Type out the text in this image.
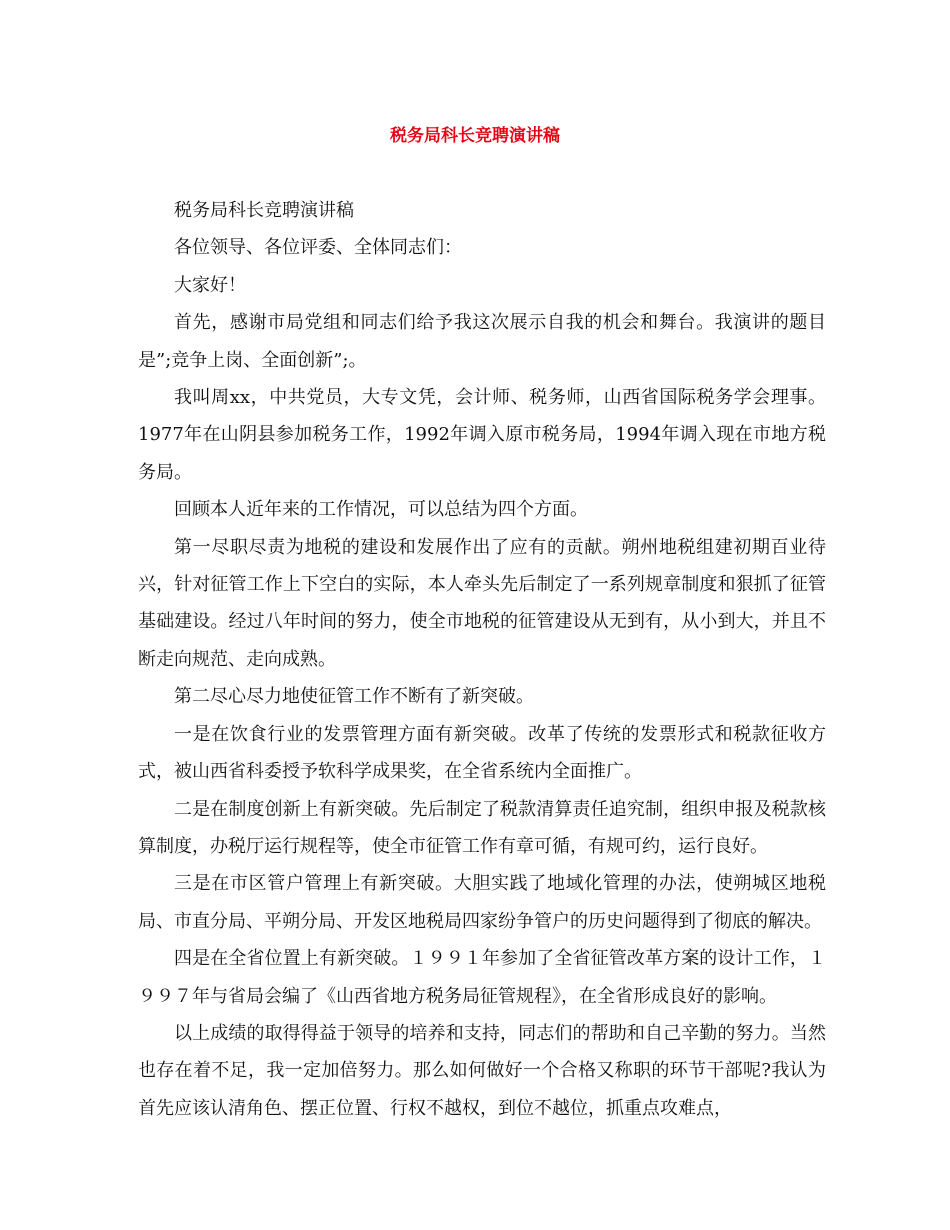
税务局科长竞聘演讲稿

税务局科长竞聘演讲稿

各位领导、各位评委、全体同志们：

大家好！

首先，感谢市局党组和同志们给予我这次展示自我的机会和舞台。我演讲的题目是”;竞争上岗、全面创新”;。

我叫周xx，中共党员，大专文凭，会计师、税务师，山西省国际税务学会理事。1977年在山阴县参加税务工作，1992年调入原市税务局，1994年调入现在市地方税务局。

回顾本人近年来的工作情况，可以总结为四个方面。

第一尽职尽责为地税的建设和发展作出了应有的贡献。朔州地税组建初期百业待兴，针对征管工作上下空白的实际，本人牵头先后制定了一系列规章制度和狠抓了征管基础建设。经过八年时间的努力，使全市地税的征管建设从无到有，从小到大，并且不断走向规范、走向成熟。

第二尽心尽力地使征管工作不断有了新突破。

一是在饮食行业的发票管理方面有新突破。改革了传统的发票形式和税款征收方式，被山西省科委授予软科学成果奖，在全省系统内全面推广。

二是在制度创新上有新突破。先后制定了税款清算责任追究制，组织申报及税款核算制度，办税厅运行规程等，使全市征管工作有章可循，有规可约，运行良好。

三是在市区管户管理上有新突破。大胆实践了地域化管理的办法，使朔城区地税局、市直分局、平朔分局、开发区地税局四家纷争管户的历史问题得到了彻底的解决。

四是在全省位置上有新突破。１９９１年参加了全省征管改革方案的设计工作，１９９７年与省局会编了《山西省地方税务局征管规程》，在全省形成良好的影响。

以上成绩的取得得益于领导的培养和支持，同志们的帮助和自己辛勤的努力。当然也存在着不足，我一定加倍努力。那么如何做好一个合格又称职的环节干部呢?我认为首先应该认清角色、摆正位置、行权不越权，到位不越位，抓重点攻难点，
